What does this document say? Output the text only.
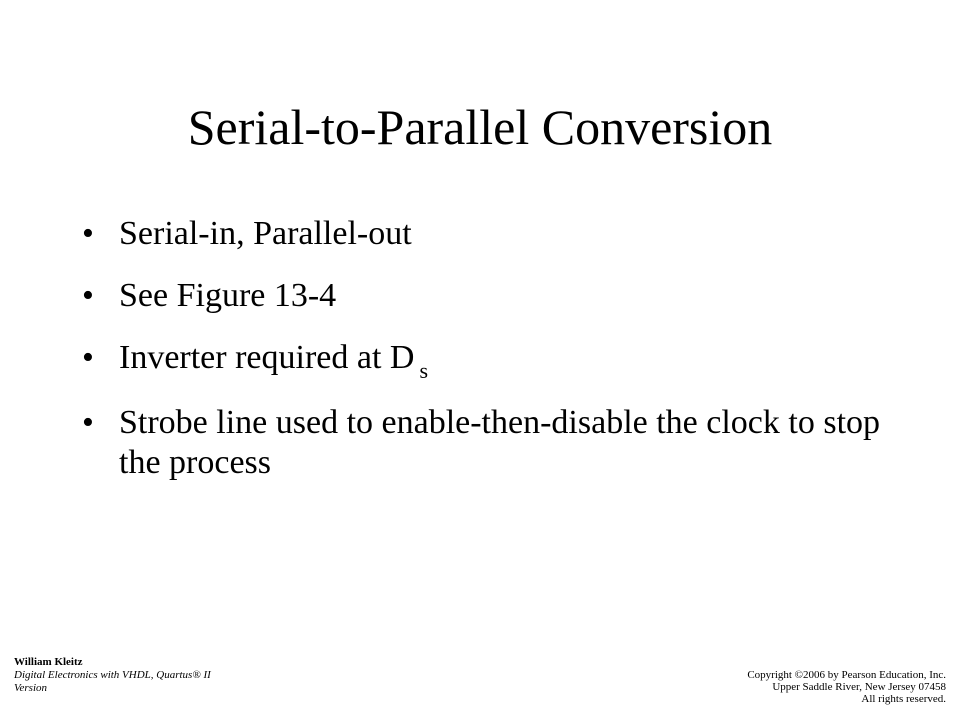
Serial-to-Parallel Conversion
• Serial-in, Parallel-out
• See Figure 13-4
• Inverter required at D $_s$
• Strobe line used to enable-then-disable the clock to stop the process
William Kleitz
Digital Electronics with VHDL, Quartus® II Version
Copyright ©2006 by Pearson Education, Inc.
Upper Saddle River, New Jersey 07458
All rights reserved.
